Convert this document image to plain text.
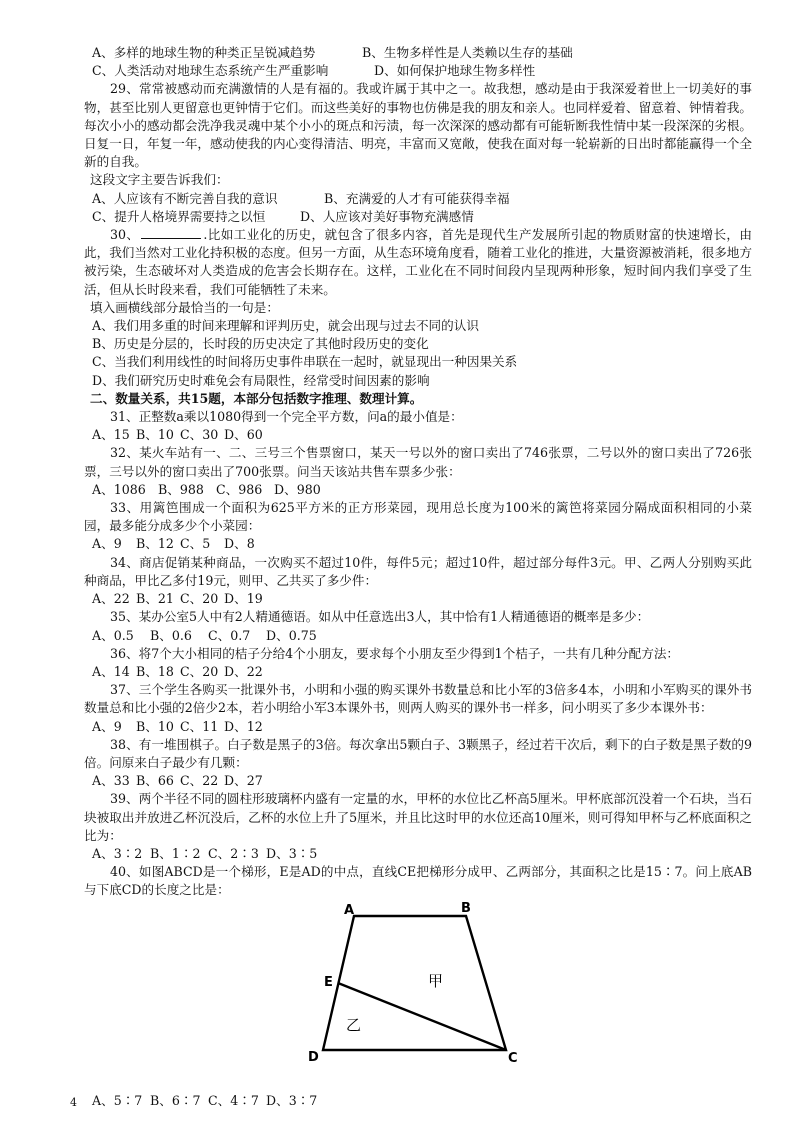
A、多样的地球生物的种类正呈锐减趋势	B、生物多样性是人类赖以生存的基础
C、人类活动对地球生态系统产生严重影响	D、如何保护地球生物多样性
29、常常被感动而充满激情的人是有福的。我或许属于其中之一。故我想，感动是由于我深爱着世上一切美好的事物，甚至比别人更留意也更钟情于它们。而这些美好的事物也仿佛是我的朋友和亲人。也同样爱着、留意着、钟情着我。每次小小的感动都会洗净我灵魂中某个小小的斑点和污渍，每一次深深的感动都有可能斩断我性情中某一段深深的劣根。日复一日，年复一年，感动使我的内心变得清洁、明亮，丰富而又宽敞，使我在面对每一轮崭新的日出时都能赢得一个全新的自我。
这段文字主要告诉我们：
A、人应该有不断完善自我的意识	B、充满爱的人才有可能获得幸福
C、提升人格境界需要持之以恒	D、人应该对美好事物充满感情
30、	.比如工业化的历史，就包含了很多内容，首先是现代生产发展所引起的物质财富的快速增长，由此，我们当然对工业化持积极的态度。但另一方面，从生态环境角度看，随着工业化的推进，大量资源被消耗，很多地方被污染，生态破坏对人类造成的危害会长期存在。这样，工业化在不同时间段内呈现两种形象，短时间内我们享受了生活，但从长时段来看，我们可能牺牲了未来。
填入画横线部分最恰当的一句是：
A、我们用多重的时间来理解和评判历史，就会出现与过去不同的认识
B、历史是分层的，长时段的历史决定了其他时段历史的变化
C、当我们利用线性的时间将历史事件串联在一起时，就显现出一种因果关系
D、我们研究历史时难免会有局限性，经常受时间因素的影响
二、数量关系，共15题，本部分包括数字推理、数理计算。
31、正整数a乘以1080得到一个完全平方数，问a的最小值是：
A、15 B、10 C、30 D、60
32、某火车站有一、二、三号三个售票窗口，某天一号以外的窗口卖出了746张票，二号以外的窗口卖出了726张票，三号以外的窗口卖出了700张票。问当天该站共售车票多少张：
A、1086 B、988 C、986 D、980
33、用篱笆围成一个面积为625平方米的正方形菜园，现用总长度为100米的篱笆将菜园分隔成面积相同的小菜园，最多能分成多少个小菜园：
A、9 B、12 C、5 D、8
34、商店促销某种商品，一次购买不超过10件，每件5元；超过10件，超过部分每件3元。甲、乙两人分别购买此种商品，甲比乙多付19元，则甲、乙共买了多少件：
A、22 B、21 C、20 D、19
35、某办公室5人中有2人精通德语。如从中任意选出3人，其中恰有1人精通德语的概率是多少：
A、0.5 B、0.6 C、0.7 D、0.75
36、将7个大小相同的桔子分给4个小朋友，要求每个小朋友至少得到1个桔子，一共有几种分配方法：
A、14 B、18 C、20 D、22
37、三个学生各购买一批课外书，小明和小强的购买课外书数量总和比小军的3倍多4本，小明和小军购买的课外书数量总和比小强的2倍少2本，若小明给小军3本课外书，则两人购买的课外书一样多，问小明买了多少本课外书：
A、9 B、10 C、11 D、12
38、有一堆围棋子。白子数是黑子的3倍。每次拿出5颗白子、3颗黑子，经过若干次后，剩下的白子数是黑子数的9倍。问原来白子最少有几颗：
A、33 B、66 C、22 D、27
39、两个半径不同的圆柱形玻璃杯内盛有一定量的水，甲杯的水位比乙杯高5厘米。甲杯底部沉没着一个石块，当石块被取出并放进乙杯沉没后，乙杯的水位上升了5厘米，并且比这时甲的水位还高10厘米，则可得知甲杯与乙杯底面积之比为：
A、3∶2 B、1∶2 C、2∶3 D、3∶5
40、如图ABCD是一个梯形，E是AD的中点，直线CE把梯形分成甲、乙两部分，其面积之比是15∶7。问上底AB与下底CD的长度之比是：
A	B
C
D
E	甲
乙
A、5∶7 B、6∶7 C、4∶7 D、3∶7
4
